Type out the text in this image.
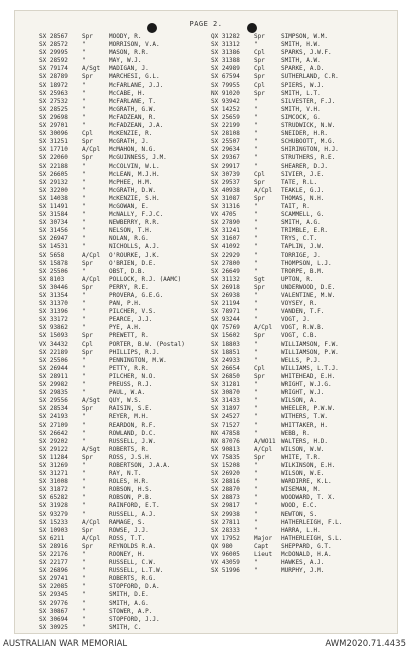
PAGE 2.
SX 28567	Spr	MOODY, R.
SX 28572	"	MORRISON, V.A.
SX 29995	"	MASON, R.R.
SX 28592	"	MAY, W.J.
SX 79174	A/Sgt	MADIGAN, J.
SX 28789	Spr	MARCHESI, G.L.
SX 18972	"	McFARLANE, J.J.
SX 25963	"	McCABE, H.
SX 27532	"	McFARLANE, T.
SX 28525	"	McGRATH, G.W.
SX 29698	"	McFADZEAN, R.
SX 29701	"	McFADZEAN, J.A.
SX 30096	Cpl	McKENZIE, R.
SX 31251	Spr	McGRATH, J.
SX 17710	A/Cpl	McMAHON, N.G.
SX 22060	Spr	McGUINNESS, J.M.
SX 22188	"	McCOLVIN, W.L.
SX 26605	"	McLEAN, M.J.H.
SX 29132	"	McPHEE, H.M.
SX 32200	"	McGRATH, D.W.
SX 14038	"	McKENZIE, S.H.
SX 11491	"	McGOWAN, E.
SX 31584	"	McNALLY, F.J.C.
SX 30734	"	NEWBERRY, R.R.
SX 31456	"	NELSON, T.H.
SX 26947	"	NOLAN, R.G.
SX 14531	"	NICHOLLS, A.J.
SX 5658	A/Cpl	O'ROURKE, J.K.
SX 15878	Spr	O'BRIEN, D.E.
SX 25506	"	OBST, D.B.
SX 8103	A/Cpl	POLLOCK, R.J. (AAMC)
SX 30446	Spr	PERRY, R.E.
SX 31354	"	PROVERA, G.E.G.
SX 31370	"	PAN, P.H.
SX 31396	"	PILCHER, V.S.
SX 33172	"	PEARCE, J.J.
SX 93862	"	PYE, A.H.
SX 15093	Spr	PREWETT, R.
VX 34432	Cpl	PORTER, B.W. (Postal)
SX 22189	Spr	PHILLIPS, R.J.
SX 25506	"	PENNINGTON, M.W.
SX 26944	"	PETTY, R.R.
SX 28911	"	PILCHER, N.O.
SX 29982	"	PREUSS, R.J.
SX 29835	"	PAUL, W.A.
SX 29556	A/Sgt	QUY, W.S.
SX 28534	Spr	RAISIN, S.E.
SX 24193	"	REYER, M.H.
SX 27109	"	REARDON, R.F.
SX 26642	"	ROWLAND, D.C.
SX 29202	"	RUSSELL, J.W.
SX 29122	A/Sgt	ROBERTS, R.
SX 11284	Spr	ROSS, J.S.H.
SX 31269	"	ROBERTSON, J.A.A.
SX 31271	"	RAY, N.T.
SX 31008	"	ROLES, H.R.
SX 31872	"	ROBSON, H.S.
SX 65282	"	ROBSON, P.B.
SX 31928	"	RAINFORD, E.T.
SX 93279	"	RUSSELL, A.J.
SX 15233	A/Cpl	RAMAGE, S.
SX 10903	Spr	ROWSE, J.J.
SX 6211	A/Cpl	ROSS, T.T.
SX 28916	Spr	REYNOLDS R.A.
SX 22176	"	ROONEY, H.
SX 22177	"	RUSSELL, C.W.
SX 26896	"	RUSSELL, L.T.W.
SX 29741	"	ROBERTS, R.G.
SX 22085	"	STOPFORD, D.A.
SX 29345	"	SMITH, D.E.
SX 29776	"	SMITH, A.G.
SX 30867	"	STOWER, A.P.
SX 30694	"	STOPFORD, J.J.
SX 30925	"	SMITH, C.
QX 31282	Spr	SIMPSON, W.M.
SX 31312	"	SMITH, H.W.
SX 31386	Cpl	SPARKS, J.W.F.
SX 31388	Spr	SMITH, A.W.
SX 24989	Cpl	SPARKE, A.D.
SX 67594	Spr	SUTHERLAND, C.R.
SX 79955	Cpl	SPIERS, W.J.
NX 91020	Spr	SMITH, L.T.
SX 93942	"	SILVESTER, F.J.
SX 14252	"	SMITH, V.H.
SX 25659	"	SIMCOCK, G.
SX 22199	"	STRUDWICK, N.W.
SX 28108	"	SNEIDER, H.R.
SX 25507	"	SCHUBOOTT, M.G.
SX 29634	"	SHIRINGTON, H.J.
SX 29367	"	STRUTHERS, R.E.
SX 29917	"	SHEARER, D.J.
SX 30739	Cpl	SIVIER, J.E.
SX 29537	Spr	TATE, R.L.
SX 40938	A/Cpl	TEAKLE, G.J.
SX 31087	Spr	THOMAS, N.H.
SX 31316	"	TAIT, R.
VX 4705	"	SCAMMELL, G.
SX 27890	"	SMITH, A.G.
SX 31241	"	TRIMBLE, E.R.
SX 31607	"	TRYS, C.T.
SX 41092	"	TAPLIN, J.W.
SX 22929	"	TORRIGE, J.
SX 27800	"	THOMPSON, L.J.
SX 26649	"	TRORPE, B.M.
SX 31132	Sgt	UPTON, R.
SX 26918	Spr	UNDERWOOD, D.E.
SX 26938	"	VALENTINE, M.W.
SX 21194	"	VOYSEY, R.
SX 78971	"	VANDEN, T.F.
SX 93244	"	VOGT, J.
QX 75769	A/Cpl	VOGT, R.W.B.
SX 15602	Spr	VOGT, C.B.
SX 18803	"	WILLIAMSON, F.W.
SX 18851	"	WILLIAMSON, P.W.
SX 24933	"	WELLS, P.J.
SX 26654	Cpl	WILLIAMS, L.T.J.
SX 26850	Spr	WHITEHEAD, E.H.
SX 31281	"	WRIGHT, W.J.G.
SX 30870	"	WRIGHT, W.J.
SX 31433	"	WILSON, A.
SX 31897	"	WHEELER, P.W.W.
SX 24527	"	WITHERS, T.W.
SX 71527	"	WHITTAKER, H.
NX 47858	"	WEBB, R.
NX 87076	A/WO11 WALTERS, H.D.
SX 90813	A/Cpl	WILSON, W.W.
VX 75835	Spr	WHITE, T.R.
SX 15208	"	WILKINSON, E.H.
SX 26920	"	WILSON, W.E.
SX 28816	"	WARDIRRE, K.L.
SX 28870	"	WISEMAN, M.
SX 28873	"	WOODWARD, T. X.
SX 29817	"	WOOD, E.C.
SX 29938	"	NEWTON, S.
SX 27811	"	HATHERLEIGH, F.L.
SX 28333	"	HARRA, L.H.
VX 17952	Major	HATHERLEIGH, S.L.
QX 980	Capt	SHEPPARD, G.T.
VX 96005	Lieut	McDONALD, H.A.
VX 43059	"	HAWKES, A.J.
SX 51996	"	MURPHY, J.M.
AUSTRALIAN WAR MEMORIAL	AWM2020.71.4435
